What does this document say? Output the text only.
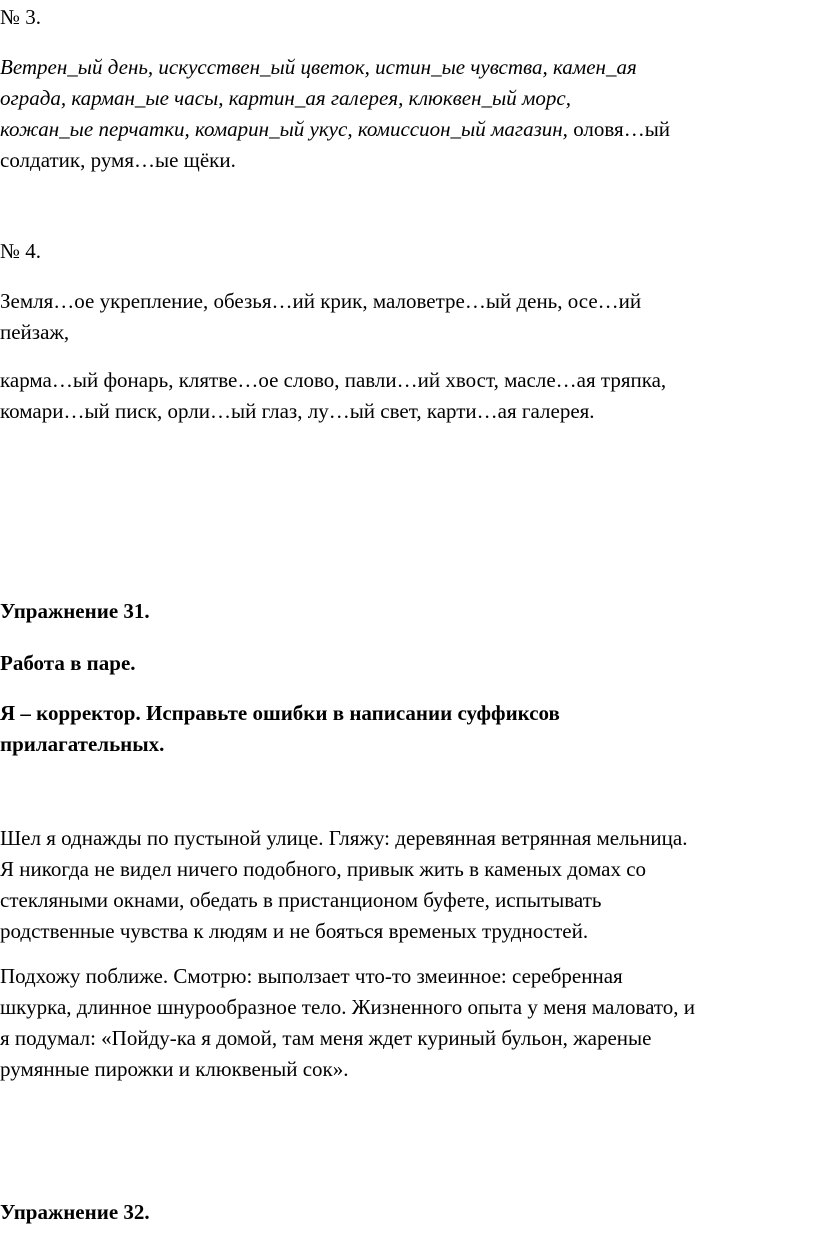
№ 3.
Ветрен_ый день, искусствен_ый цветок, истин_ые чувства, камен_ая
ограда, карман_ые часы, картин_ая галерея, клюквен_ый морс,
кожан_ые перчатки, комарин_ый укус, комиссион_ый магазин, оловя…ый
солдатик, румя…ые щёки.
№ 4.
Земля…ое укрепление, обезья…ий крик, маловетре…ый день, осе…ий
пейзаж,
карма…ый фонарь, клятве…ое слово, павли…ий хвост, масле…ая тряпка,
комари…ый писк, орли…ый глаз, лу…ый свет, карти…ая галерея.
Упражнение 31.
Работа в паре.
Я – корректор. Исправьте ошибки в написании суффиксов
прилагательных.
Шел я однажды по пустыной улице. Гляжу: деревянная ветрянная мельница.
Я никогда не видел ничего подобного, привык жить в каменых домах со
стекляными окнами, обедать в пристанционом буфете, испытывать
родственные чувства к людям и не бояться временых трудностей.
Подхожу поближе. Смотрю: выползает что-то змеинное: серебренная
шкурка, длинное шнурообразное тело. Жизненного опыта у меня маловато, и
я подумал: «Пойду-ка я домой, там меня ждет куриный бульон, жареные
румянные пирожки и клюквеный сок».
Упражнение 32.
